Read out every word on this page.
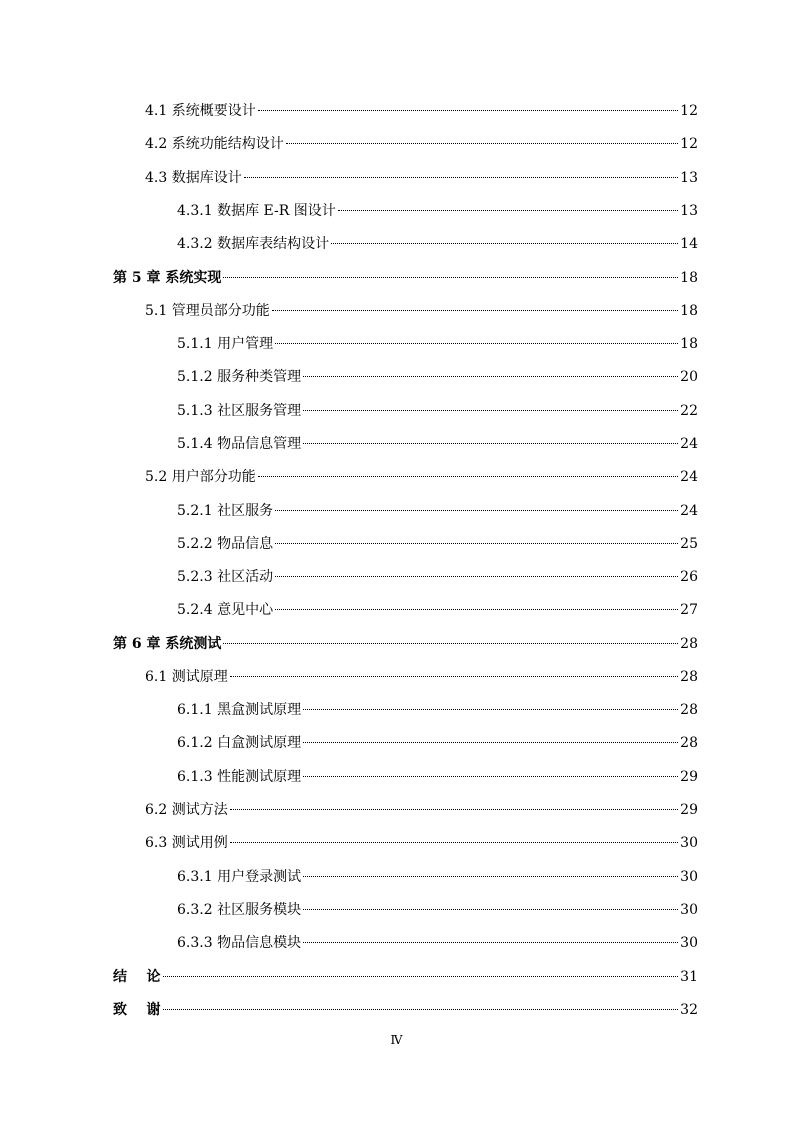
4.1 系统概要设计	12
4.2 系统功能结构设计	12
4.3 数据库设计	13
4.3.1 数据库 E-R 图设计	13
4.3.2 数据库表结构设计	14
第 5 章 系统实现	18
5.1 管理员部分功能	18
5.1.1 用户管理	18
5.1.2 服务种类管理	20
5.1.3 社区服务管理	22
5.1.4 物品信息管理	24
5.2 用户部分功能	24
5.2.1 社区服务	24
5.2.2 物品信息	25
5.2.3 社区活动	26
5.2.4 意见中心	27
第 6 章 系统测试	28
6.1 测试原理	28
6.1.1 黑盒测试原理	28
6.1.2 白盒测试原理	28
6.1.3 性能测试原理	29
6.2 测试方法	29
6.3 测试用例	30
6.3.1 用户登录测试	30
6.3.2 社区服务模块	30
6.3.3 物品信息模块	30
结    论	31
致    谢	32
Ⅳ
